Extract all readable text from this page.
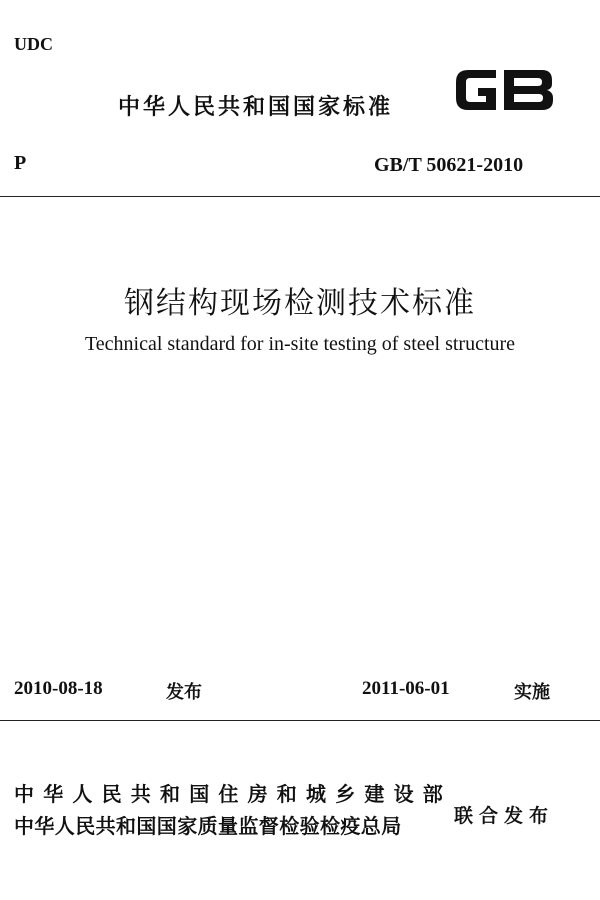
UDC
中华人民共和国国家标准
P	GB/T 50621-2010
钢结构现场检测技术标准
Technical standard for in-site testing of steel structure
2010-08-18	发布	2011-06-01	实施
中华人民共和国住房和城乡建设部
中华人民共和国国家质量监督检验检疫总局	联合发布
